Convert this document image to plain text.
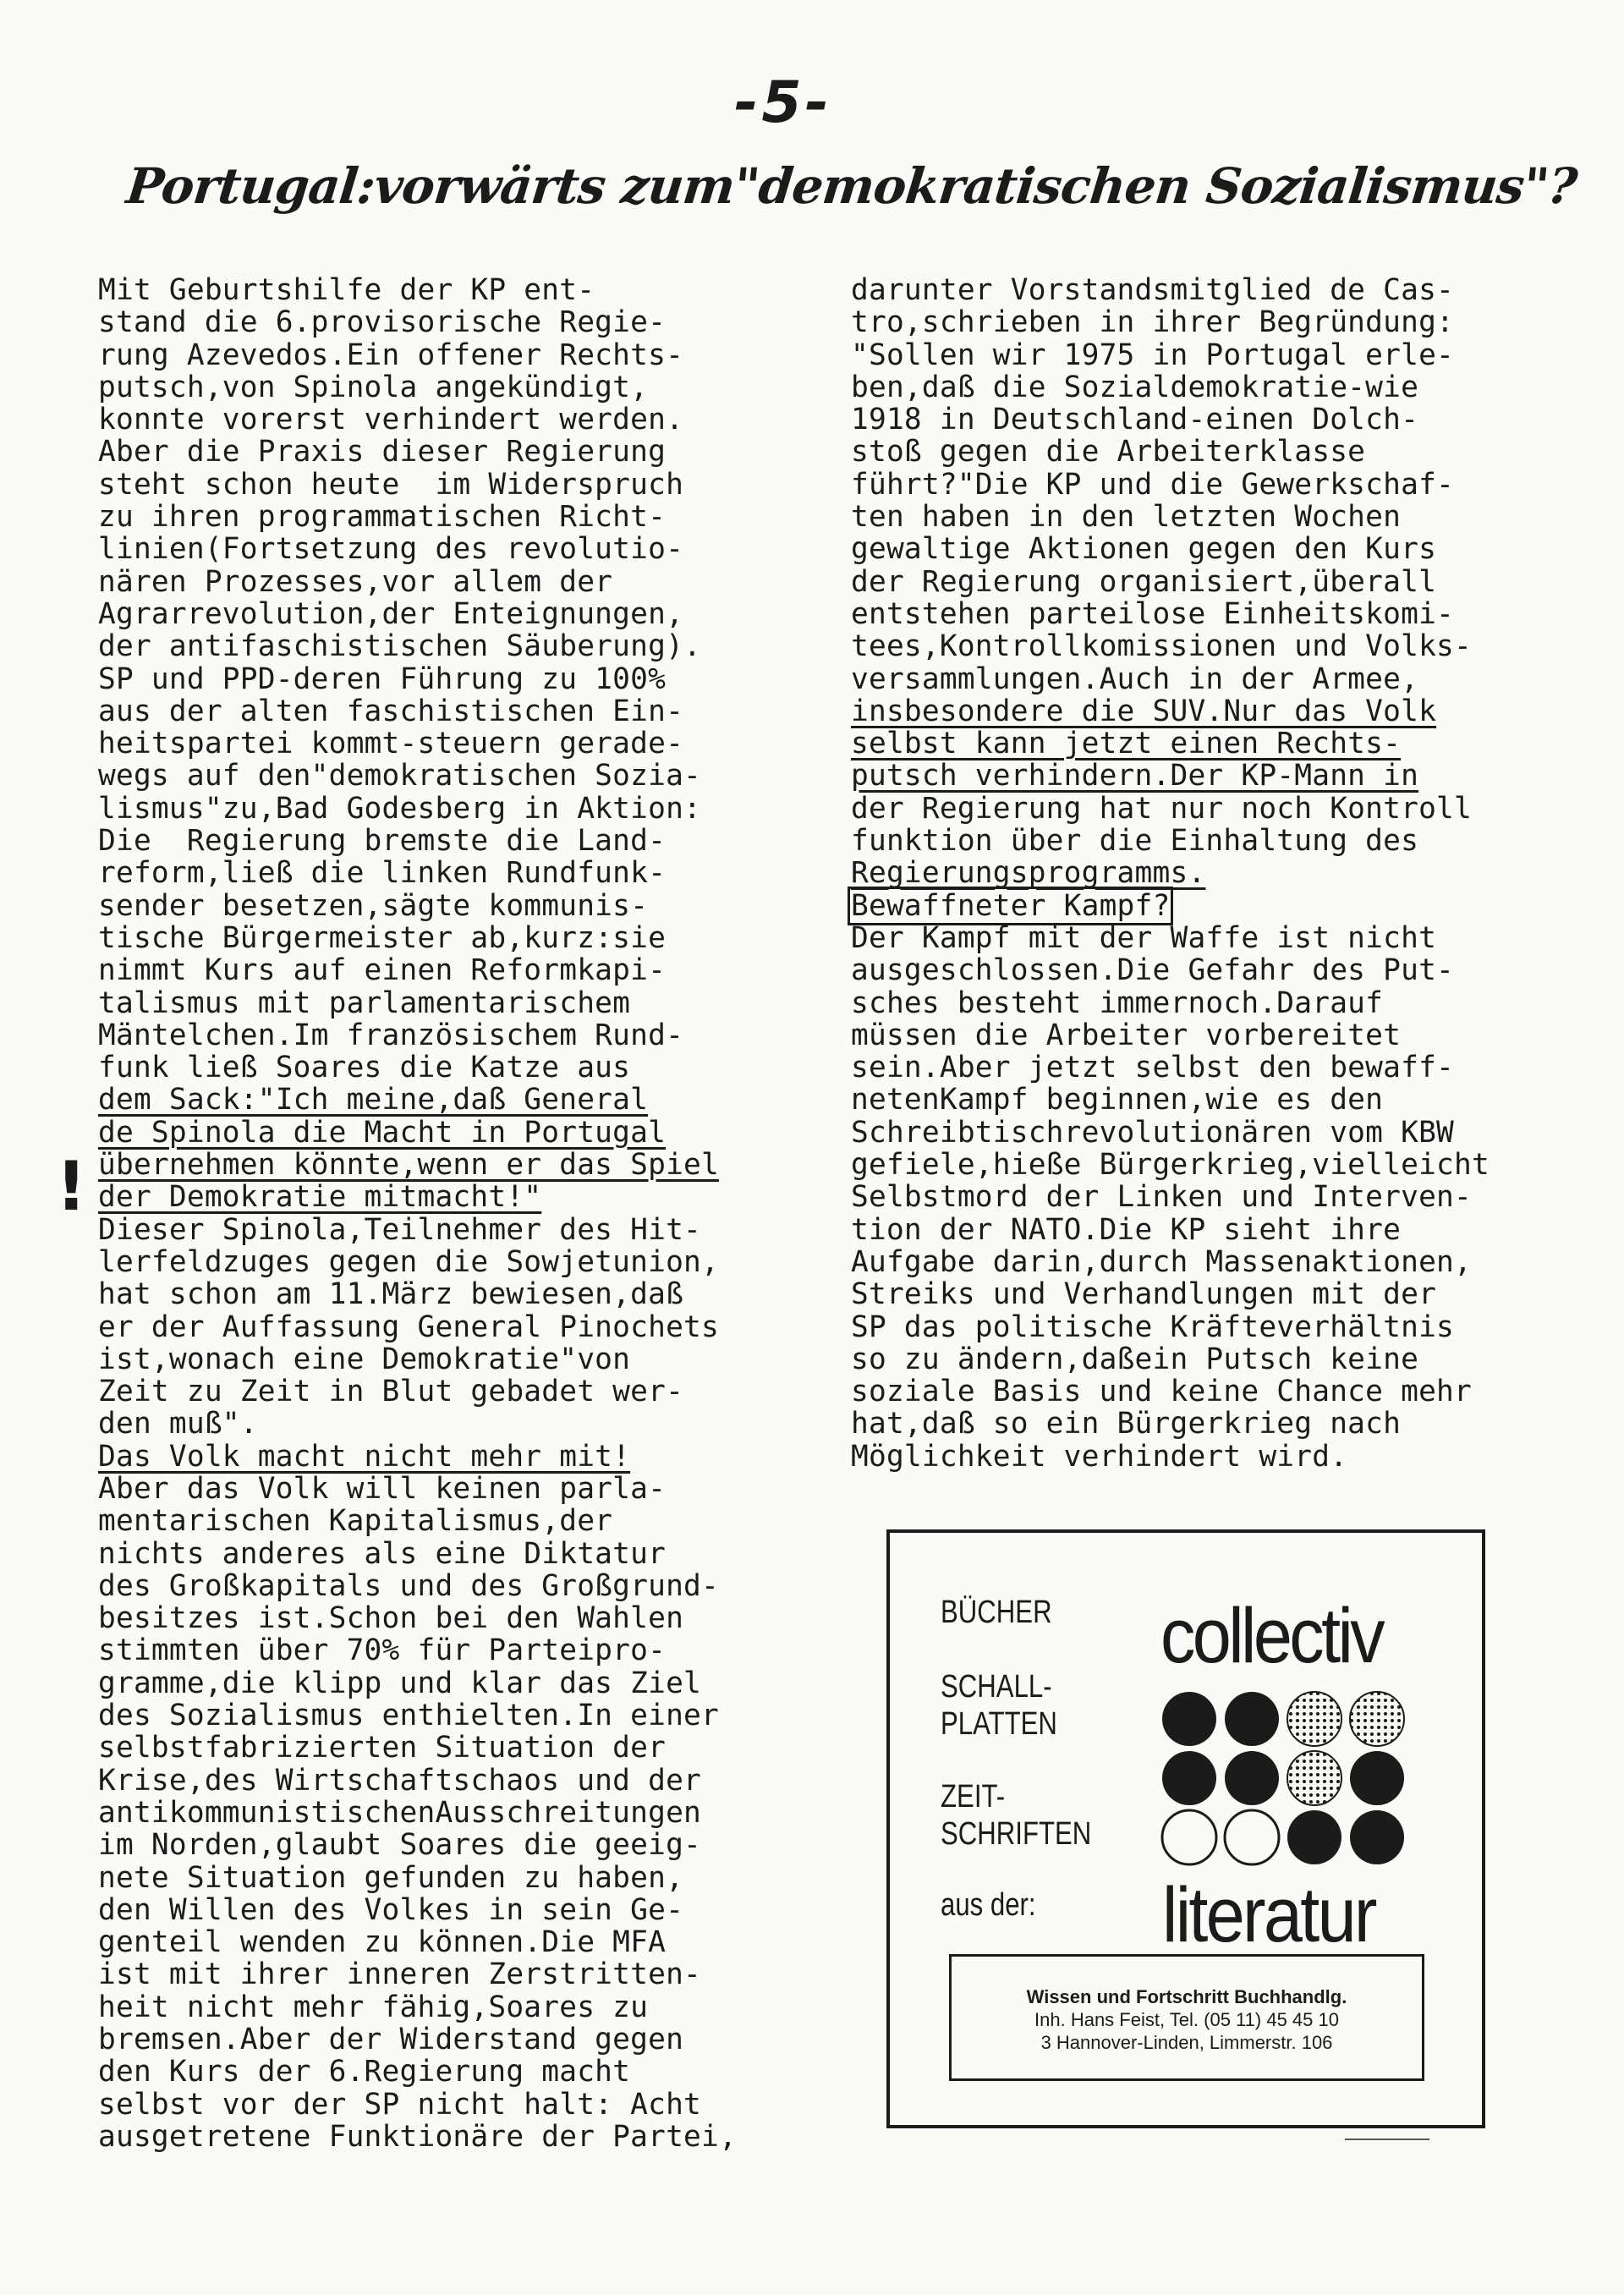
-5-
Portugal:vorwärts zum"demokratischen Sozialismus"?
!
Mit Geburtshilfe der KP ent-
stand die 6.provisorische Regie-
rung Azevedos.Ein offener Rechts-
putsch,von Spinola angekündigt,
konnte vorerst verhindert werden.
Aber die Praxis dieser Regierung
steht schon heute  im Widerspruch
zu ihren programmatischen Richt-
linien(Fortsetzung des revolutio-
nären Prozesses,vor allem der
Agrarrevolution,der Enteignungen,
der antifaschistischen Säuberung).
SP und PPD-deren Führung zu 100%
aus der alten faschistischen Ein-
heitspartei kommt-steuern gerade-
wegs auf den"demokratischen Sozia-
lismus"zu,Bad Godesberg in Aktion:
Die  Regierung bremste die Land-
reform,ließ die linken Rundfunk-
sender besetzen,sägte kommunis-
tische Bürgermeister ab,kurz:sie
nimmt Kurs auf einen Reformkapi-
talismus mit parlamentarischem
Mäntelchen.Im französischem Rund-
funk ließ Soares die Katze aus
dem Sack:"Ich meine,daß General
de Spinola die Macht in Portugal
übernehmen könnte,wenn er das Spiel
der Demokratie mitmacht!"
Dieser Spinola,Teilnehmer des Hit-
lerfeldzuges gegen die Sowjetunion,
hat schon am 11.März bewiesen,daß
er der Auffassung General Pinochets
ist,wonach eine Demokratie"von
Zeit zu Zeit in Blut gebadet wer-
den muß".
Das Volk macht nicht mehr mit!
Aber das Volk will keinen parla-
mentarischen Kapitalismus,der
nichts anderes als eine Diktatur
des Großkapitals und des Großgrund-
besitzes ist.Schon bei den Wahlen
stimmten über 70% für Parteipro-
gramme,die klipp und klar das Ziel
des Sozialismus enthielten.In einer
selbstfabrizierten Situation der
Krise,des Wirtschaftschaos und der
antikommunistischenAusschreitungen
im Norden,glaubt Soares die geeig-
nete Situation gefunden zu haben,
den Willen des Volkes in sein Ge-
genteil wenden zu können.Die MFA
ist mit ihrer inneren Zerstritten-
heit nicht mehr fähig,Soares zu
bremsen.Aber der Widerstand gegen
den Kurs der 6.Regierung macht
selbst vor der SP nicht halt: Acht
ausgetretene Funktionäre der Partei,
darunter Vorstandsmitglied de Cas-
tro,schrieben in ihrer Begründung:
"Sollen wir 1975 in Portugal erle-
ben,daß die Sozialdemokratie-wie
1918 in Deutschland-einen Dolch-
stoß gegen die Arbeiterklasse
führt?"Die KP und die Gewerkschaf-
ten haben in den letzten Wochen
gewaltige Aktionen gegen den Kurs
der Regierung organisiert,überall
entstehen parteilose Einheitskomi-
tees,Kontrollkomissionen und Volks-
versammlungen.Auch in der Armee,
insbesondere die SUV.Nur das Volk
selbst kann jetzt einen Rechts-
putsch verhindern.Der KP-Mann in
der Regierung hat nur noch Kontroll
funktion über die Einhaltung des
Regierungsprogramms.
Bewaffneter Kampf?
Der Kampf mit der Waffe ist nicht
ausgeschlossen.Die Gefahr des Put-
sches besteht immernoch.Darauf
müssen die Arbeiter vorbereitet
sein.Aber jetzt selbst den bewaff-
netenKampf beginnen,wie es den
Schreibtischrevolutionären vom KBW
gefiele,hieße Bürgerkrieg,vielleicht
Selbstmord der Linken und Interven-
tion der NATO.Die KP sieht ihre
Aufgabe darin,durch Massenaktionen,
Streiks und Verhandlungen mit der
SP das politische Kräfteverhältnis
so zu ändern,daßein Putsch keine
soziale Basis und keine Chance mehr
hat,daß so ein Bürgerkrieg nach
Möglichkeit verhindert wird.
BÜCHER
SCHALL-
PLATTEN
ZEIT-
SCHRIFTEN
aus der:
collectiv
literatur
Wissen und Fortschritt Buchhandlg.
Inh. Hans Feist, Tel. (05 11) 45 45 10
3 Hannover-Linden, Limmerstr. 106
